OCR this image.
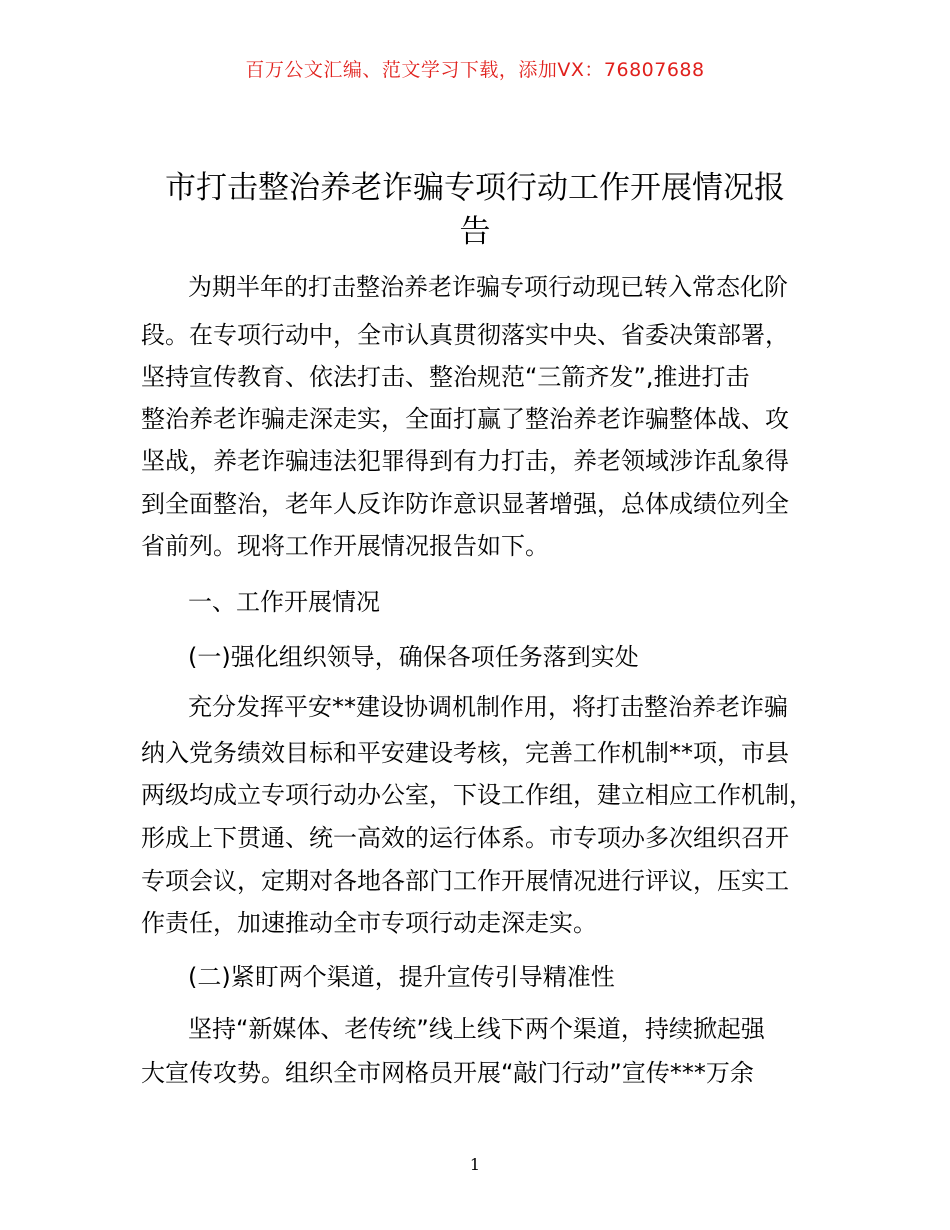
百万公文汇编、范文学习下载，添加VX：76807688
市打击整治养老诈骗专项行动工作开展情况报
告
为期半年的打击整治养老诈骗专项行动现已转入常态化阶
段。在专项行动中，全市认真贯彻落实中央、省委决策部署，
坚持宣传教育、依法打击、整治规范“三箭齐发”,推进打击
整治养老诈骗走深走实，全面打赢了整治养老诈骗整体战、攻
坚战，养老诈骗违法犯罪得到有力打击，养老领域涉诈乱象得
到全面整治，老年人反诈防诈意识显著增强，总体成绩位列全
省前列。现将工作开展情况报告如下。
一、工作开展情况
(一)强化组织领导，确保各项任务落到实处
充分发挥平安**建设协调机制作用，将打击整治养老诈骗
纳入党务绩效目标和平安建设考核，完善工作机制**项，市县
两级均成立专项行动办公室，下设工作组，建立相应工作机制，
形成上下贯通、统一高效的运行体系。市专项办多次组织召开
专项会议，定期对各地各部门工作开展情况进行评议，压实工
作责任，加速推动全市专项行动走深走实。
(二)紧盯两个渠道，提升宣传引导精准性
坚持“新媒体、老传统”线上线下两个渠道，持续掀起强
大宣传攻势。组织全市网格员开展“敲门行动”宣传***万余
1
